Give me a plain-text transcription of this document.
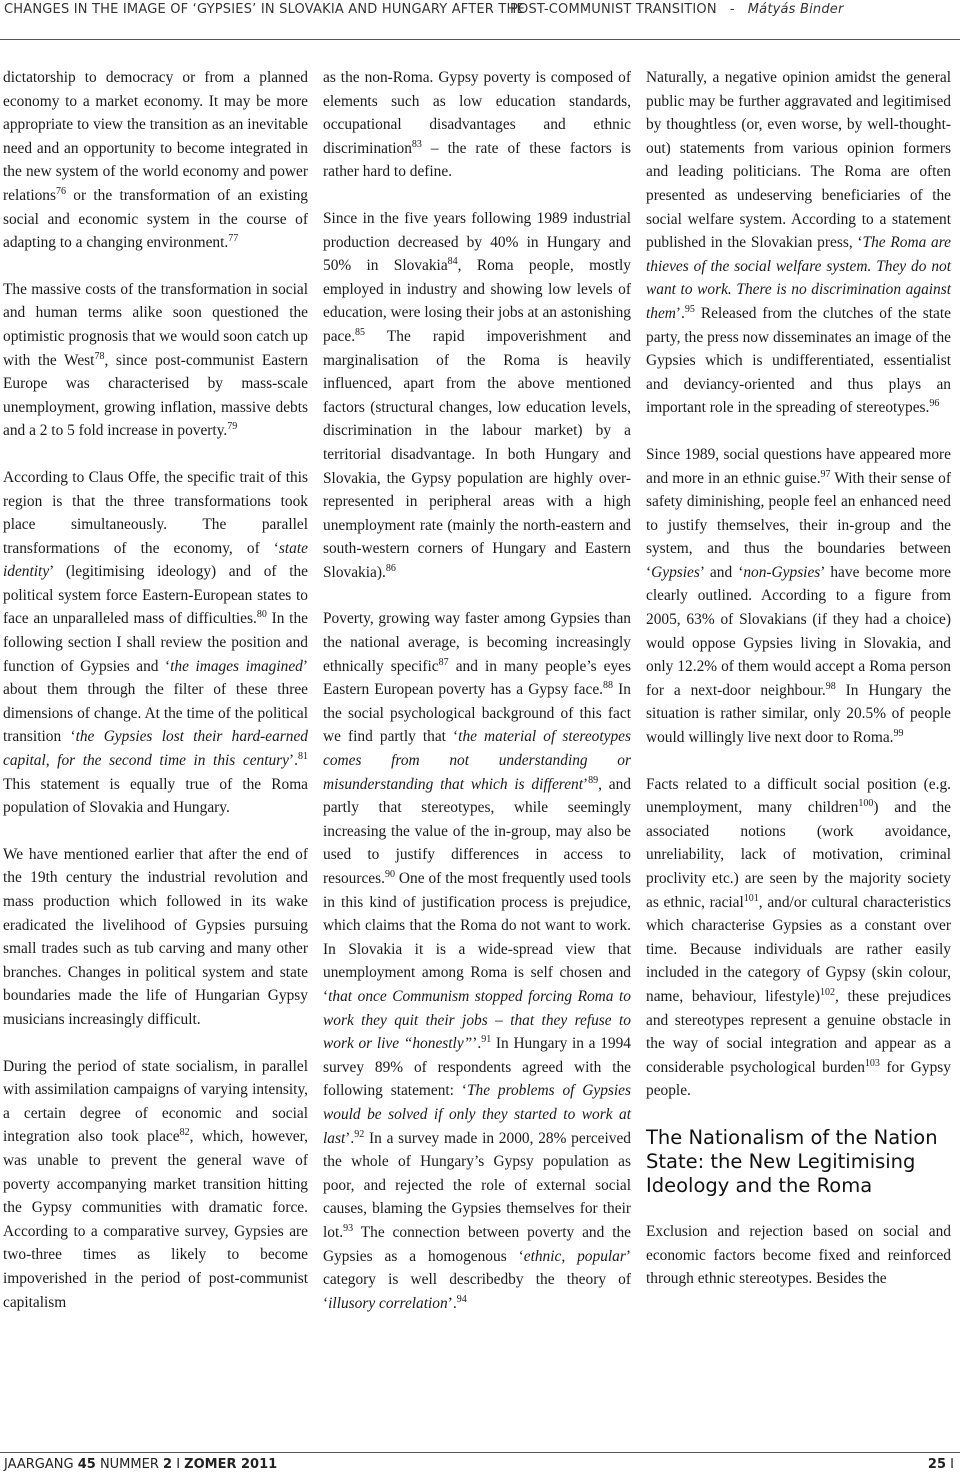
CHANGES IN THE IMAGE OF ‘GYPSIES’ IN SLOVAKIA AND HUNGARY AFTER THE
POST-COMMUNIST TRANSITION - Mátyás Binder

dictatorship to democracy or from a planned economy to a market economy. It may be more appropriate to view the transition as an inevitable need and an opportunity to become integrated in the new system of the world economy and power relations$^{76}$ or the transformation of an existing social and economic system in the course of adapting to a changing environment.$^{77}$

The massive costs of the transformation in social and human terms alike soon questioned the optimistic prognosis that we would soon catch up with the West$^{78}$, since post-communist Eastern Europe was characterised by mass-scale unemployment, growing inflation, massive debts and a 2 to 5 fold increase in poverty.$^{79}$

According to Claus Offe, the specific trait of this region is that the three transformations took place simultaneously. The parallel transformations of the economy, of ‘state identity’ (legitimising ideology) and of the political system force Eastern-European states to face an unparalleled mass of difficulties.$^{80}$ In the following section I shall review the position and function of Gypsies and ‘the images imagined’ about them through the filter of these three dimensions of change. At the time of the political transition ‘the Gypsies lost their hard-earned capital, for the second time in this century’.$^{81}$ This statement is equally true of the Roma population of Slovakia and Hungary.

We have mentioned earlier that after the end of the 19th century the industrial revolution and mass production which followed in its wake eradicated the livelihood of Gypsies pursuing small trades such as tub carving and many other branches. Changes in political system and state boundaries made the life of Hungarian Gypsy musicians increasingly difficult.

During the period of state socialism, in parallel with assimilation campaigns of varying intensity, a certain degree of economic and social integration also took place$^{82}$, which, however, was unable to prevent the general wave of poverty accompanying market transition hitting the Gypsy communities with dramatic force. According to a comparative survey, Gypsies are two-three times as likely to become impoverished in the period of post-communist capitalism

as the non-Roma. Gypsy poverty is composed of elements such as low education standards, occupational disadvantages and ethnic discrimination$^{83}$ – the rate of these factors is rather hard to define.

Since in the five years following 1989 industrial production decreased by 40% in Hungary and 50% in Slovakia$^{84}$, Roma people, mostly employed in industry and showing low levels of education, were losing their jobs at an astonishing pace.$^{85}$ The rapid impoverishment and marginalisation of the Roma is heavily influenced, apart from the above mentioned factors (structural changes, low education levels, discrimination in the labour market) by a territorial disadvantage. In both Hungary and Slovakia, the Gypsy population are highly over-represented in peripheral areas with a high unemployment rate (mainly the north-eastern and south-western corners of Hungary and Eastern Slovakia).$^{86}$

Poverty, growing way faster among Gypsies than the national average, is becoming increasingly ethnically specific$^{87}$ and in many people’s eyes Eastern European poverty has a Gypsy face.$^{88}$ In the social psychological background of this fact we find partly that ‘the material of stereotypes comes from not understanding or misunderstanding that which is different’$^{89}$, and partly that stereotypes, while seemingly increasing the value of the in-group, may also be used to justify differences in access to resources.$^{90}$ One of the most frequently used tools in this kind of justification process is prejudice, which claims that the Roma do not want to work. In Slovakia it is a wide-spread view that unemployment among Roma is self chosen and ‘that once Communism stopped forcing Roma to work they quit their jobs – that they refuse to work or live “honestly”’.$^{91}$ In Hungary in a 1994 survey 89% of respondents agreed with the following statement: ‘The problems of Gypsies would be solved if only they started to work at last’.$^{92}$ In a survey made in 2000, 28% perceived the whole of Hungary’s Gypsy population as poor, and rejected the role of external social causes, blaming the Gypsies themselves for their lot.$^{93}$ The connection between poverty and the Gypsies as a homogenous ‘ethnic, popular’ category is well describedby the theory of ‘illusory correlation’.$^{94}$

Naturally, a negative opinion amidst the general public may be further aggravated and legitimised by thoughtless (or, even worse, by well-thought-out) statements from various opinion formers and leading politicians. The Roma are often presented as undeserving beneficiaries of the social welfare system. According to a statement published in the Slovakian press, ‘The Roma are thieves of the social welfare system. They do not want to work. There is no discrimination against them’.$^{95}$ Released from the clutches of the state party, the press now disseminates an image of the Gypsies which is undifferentiated, essentialist and deviancy-oriented and thus plays an important role in the spreading of stereotypes.$^{96}$

Since 1989, social questions have appeared more and more in an ethnic guise.$^{97}$ With their sense of safety diminishing, people feel an enhanced need to justify themselves, their in-group and the system, and thus the boundaries between ‘Gypsies’ and ‘non-Gypsies’ have become more clearly outlined. According to a figure from 2005, 63% of Slovakians (if they had a choice) would oppose Gypsies living in Slovakia, and only 12.2% of them would accept a Roma person for a next-door neighbour.$^{98}$ In Hungary the situation is rather similar, only 20.5% of people would willingly live next door to Roma.$^{99}$

Facts related to a difficult social position (e.g. unemployment, many children$^{100}$) and the associated notions (work avoidance, unreliability, lack of motivation, criminal proclivity etc.) are seen by the majority society as ethnic, racial$^{101}$, and/or cultural characteristics which characterise Gypsies as a constant over time. Because individuals are rather easily included in the category of Gypsy (skin colour, name, behaviour, lifestyle)$^{102}$, these prejudices and stereotypes represent a genuine obstacle in the way of social integration and appear as a considerable psychological burden$^{103}$ for Gypsy people.

The Nationalism of the Nation State: the New Legitimising Ideology and the Roma

Exclusion and rejection based on social and economic factors become fixed and reinforced through ethnic stereotypes. Besides the

JAARGANG 45 NUMMER 2 I ZOMER 2011	25 I
